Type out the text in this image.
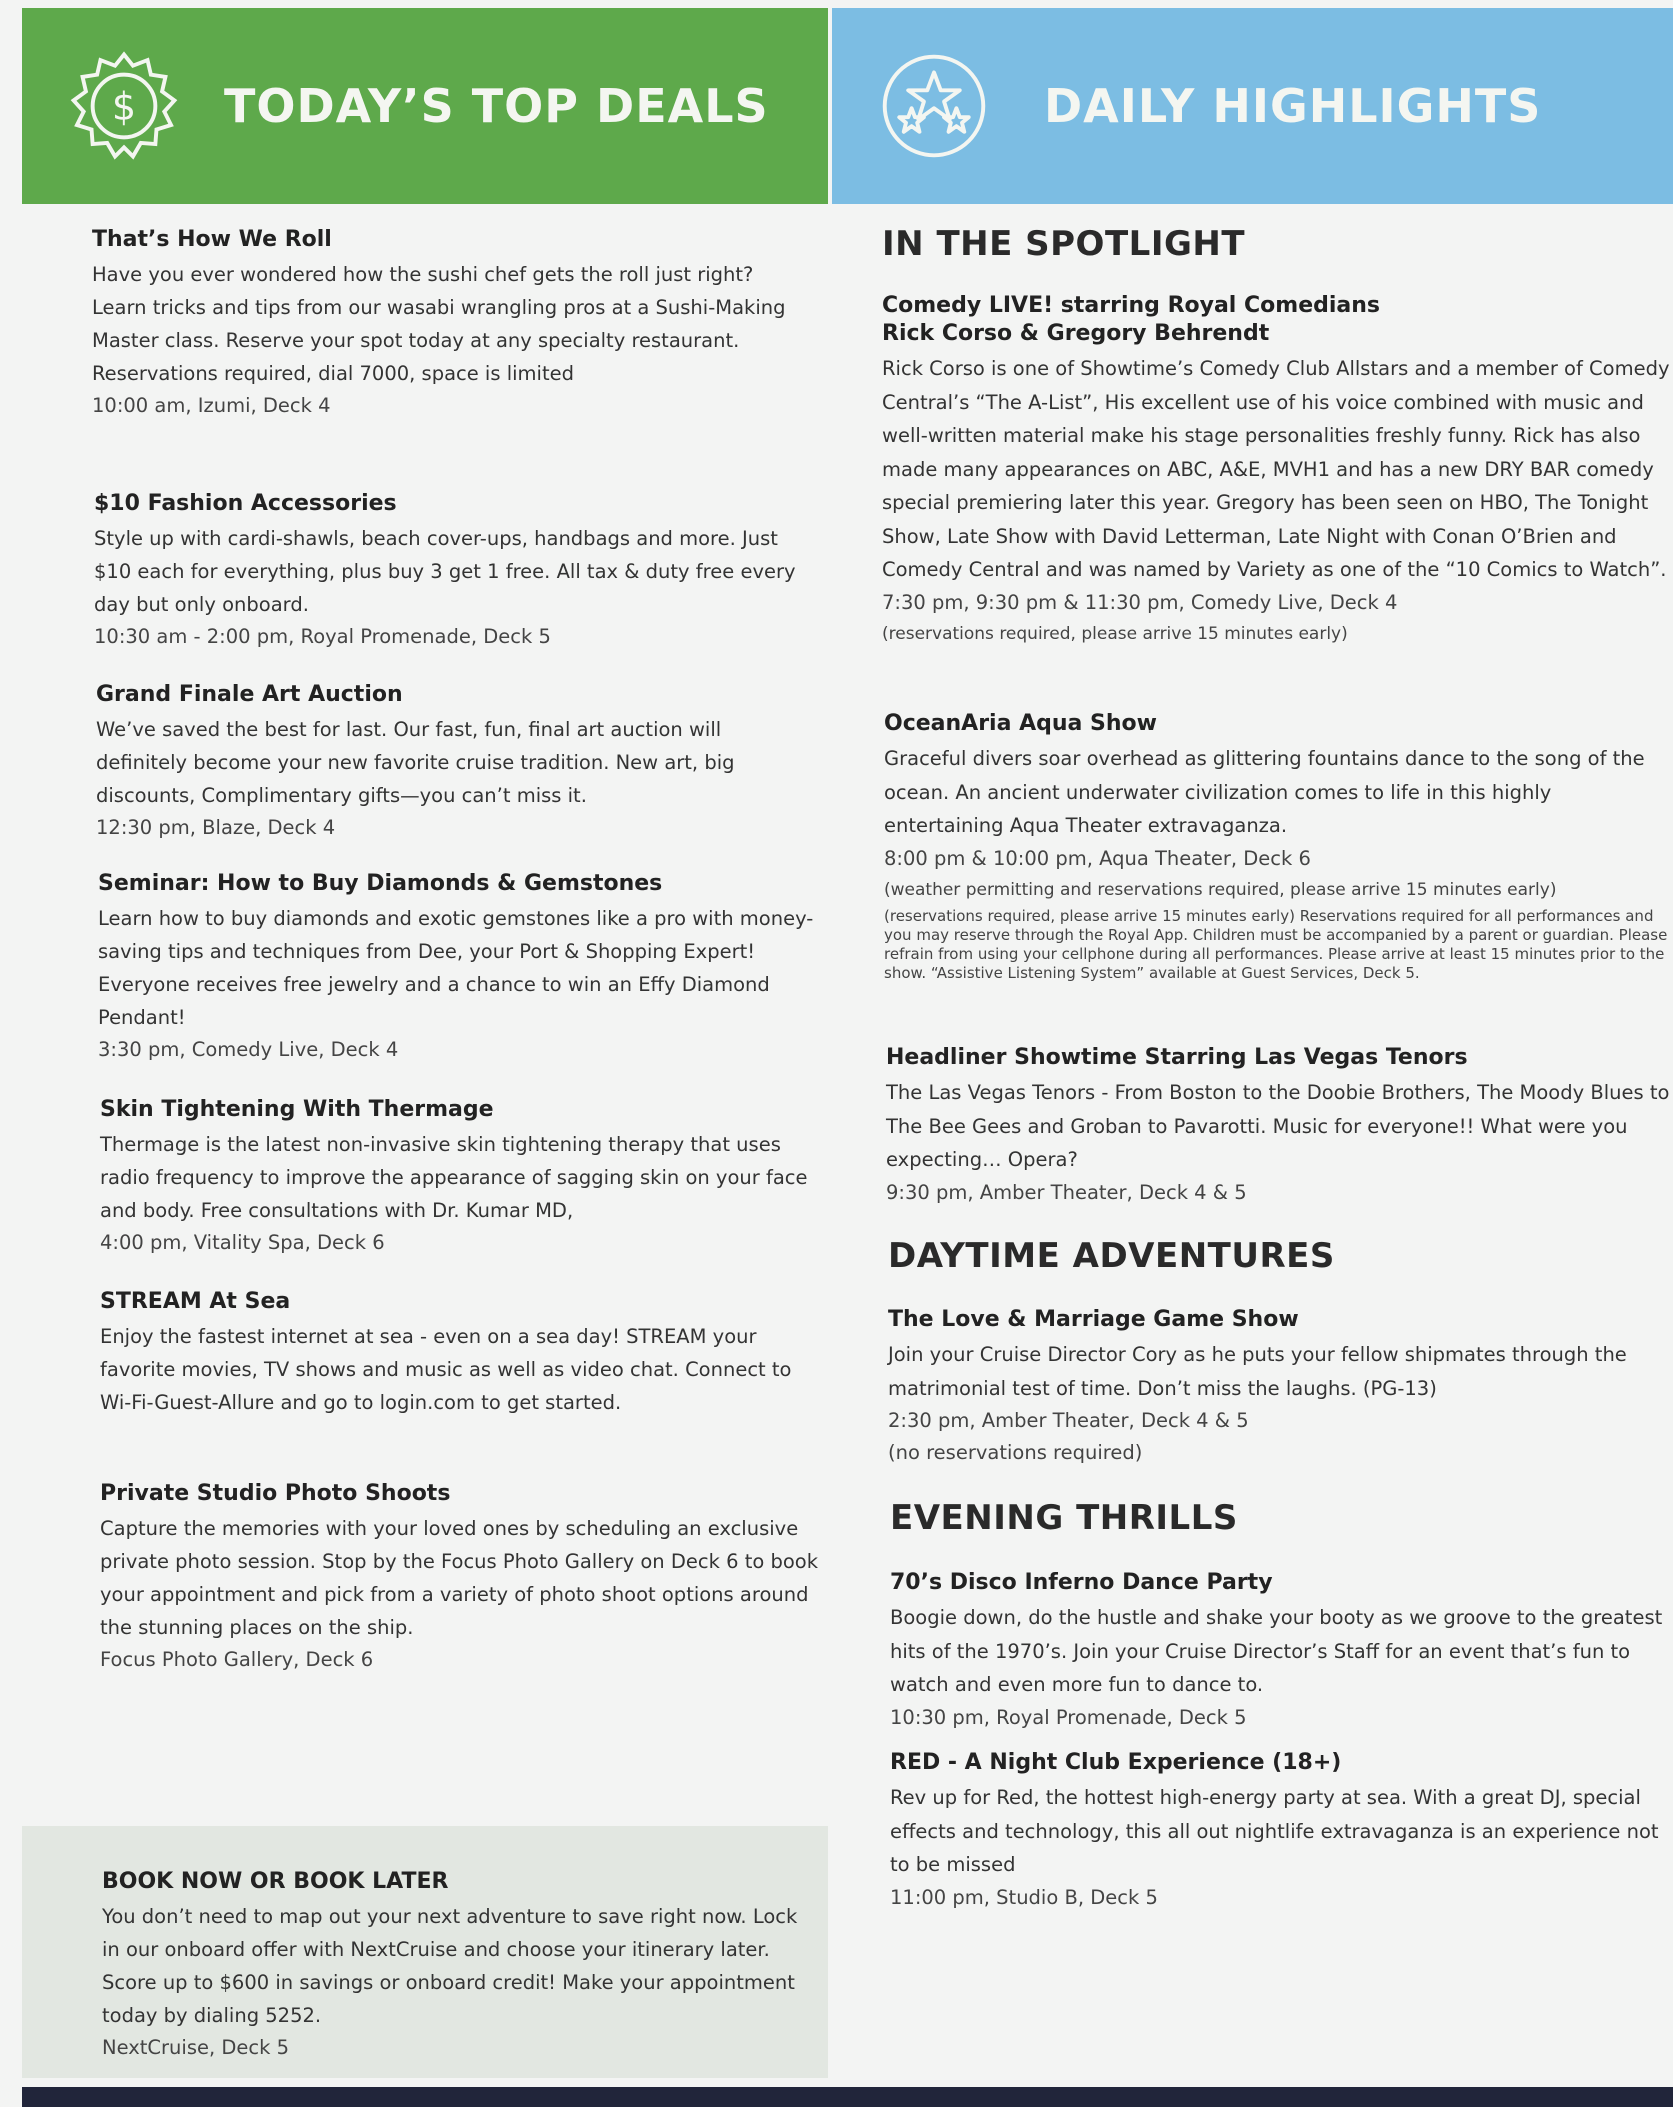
$ TODAY’S TOP DEALS

That’s How We Roll

Have you ever wondered how the sushi chef gets the roll just right? Learn tricks and tips from our wasabi wrangling pros at a Sushi-Making Master class. Reserve your spot today at any specialty restaurant. Reservations required, dial 7000, space is limited

10:00 am, Izumi, Deck 4

$10 Fashion Accessories

Style up with cardi-shawls, beach cover-ups, handbags and more. Just $10 each for everything, plus buy 3 get 1 free. All tax & duty free every day but only onboard.

10:30 am - 2:00 pm, Royal Promenade, Deck 5

Grand Finale Art Auction

We’ve saved the best for last. Our fast, fun, final art auction will definitely become your new favorite cruise tradition. New art, big discounts, Complimentary gifts—you can’t miss it.

12:30 pm, Blaze, Deck 4

Seminar: How to Buy Diamonds & Gemstones

Learn how to buy diamonds and exotic gemstones like a pro with money-saving tips and techniques from Dee, your Port & Shopping Expert! Everyone receives free jewelry and a chance to win an Effy Diamond Pendant!

3:30 pm, Comedy Live, Deck 4

Skin Tightening With Thermage

Thermage is the latest non-invasive skin tightening therapy that uses radio frequency to improve the appearance of sagging skin on your face and body. Free consultations with Dr. Kumar MD,

4:00 pm, Vitality Spa, Deck 6

STREAM At Sea

Enjoy the fastest internet at sea - even on a sea day! STREAM your favorite movies, TV shows and music as well as video chat. Connect to Wi-Fi-Guest-Allure and go to login.com to get started.

Private Studio Photo Shoots

Capture the memories with your loved ones by scheduling an exclusive private photo session. Stop by the Focus Photo Gallery on Deck 6 to book your appointment and pick from a variety of photo shoot options around the stunning places on the ship.

Focus Photo Gallery, Deck 6

BOOK NOW OR BOOK LATER

You don’t need to map out your next adventure to save right now. Lock in our onboard offer with NextCruise and choose your itinerary later. Score up to $600 in savings or onboard credit! Make your appointment today by dialing 5252.

NextCruise, Deck 5

DAILY HIGHLIGHTS
IN THE SPOTLIGHT

Comedy LIVE! starring Royal Comedians

Rick Corso & Gregory Behrendt

Rick Corso is one of Showtime’s Comedy Club Allstars and a member of Comedy Central’s “The A-List”, His excellent use of his voice combined with music and well-written material make his stage personalities freshly funny. Rick has also made many appearances on ABC, A&E, MVH1 and has a new DRY BAR comedy special premiering later this year. Gregory has been seen on HBO, The Tonight Show, Late Show with David Letterman, Late Night with Conan O’Brien and Comedy Central and was named by Variety as one of the “10 Comics to Watch”.

7:30 pm, 9:30 pm & 11:30 pm, Comedy Live, Deck 4

(reservations required, please arrive 15 minutes early)

OceanAria Aqua Show

Graceful divers soar overhead as glittering fountains dance to the song of the ocean. An ancient underwater civilization comes to life in this highly entertaining Aqua Theater extravaganza.

8:00 pm & 10:00 pm, Aqua Theater, Deck 6

(weather permitting and reservations required, please arrive 15 minutes early)

(reservations required, please arrive 15 minutes early) Reservations required for all performances and you may reserve through the Royal App. Children must be accompanied by a parent or guardian. Please refrain from using your cellphone during all performances. Please arrive at least 15 minutes prior to the show. “Assistive Listening System” available at Guest Services, Deck 5.

Headliner Showtime Starring Las Vegas Tenors

The Las Vegas Tenors - From Boston to the Doobie Brothers, The Moody Blues to The Bee Gees and Groban to Pavarotti. Music for everyone!! What were you expecting… Opera?

9:30 pm, Amber Theater, Deck 4 & 5

DAYTIME ADVENTURES

The Love & Marriage Game Show

Join your Cruise Director Cory as he puts your fellow shipmates through the matrimonial test of time. Don’t miss the laughs. (PG-13)

2:30 pm, Amber Theater, Deck 4 & 5

(no reservations required)

EVENING THRILLS

70’s Disco Inferno Dance Party

Boogie down, do the hustle and shake your booty as we groove to the greatest hits of the 1970’s. Join your Cruise Director’s Staff for an event that’s fun to watch and even more fun to dance to.

10:30 pm, Royal Promenade, Deck 5

RED - A Night Club Experience (18+)

Rev up for Red, the hottest high-energy party at sea. With a great DJ, special effects and technology, this all out nightlife extravaganza is an experience not to be missed

11:00 pm, Studio B, Deck 5
